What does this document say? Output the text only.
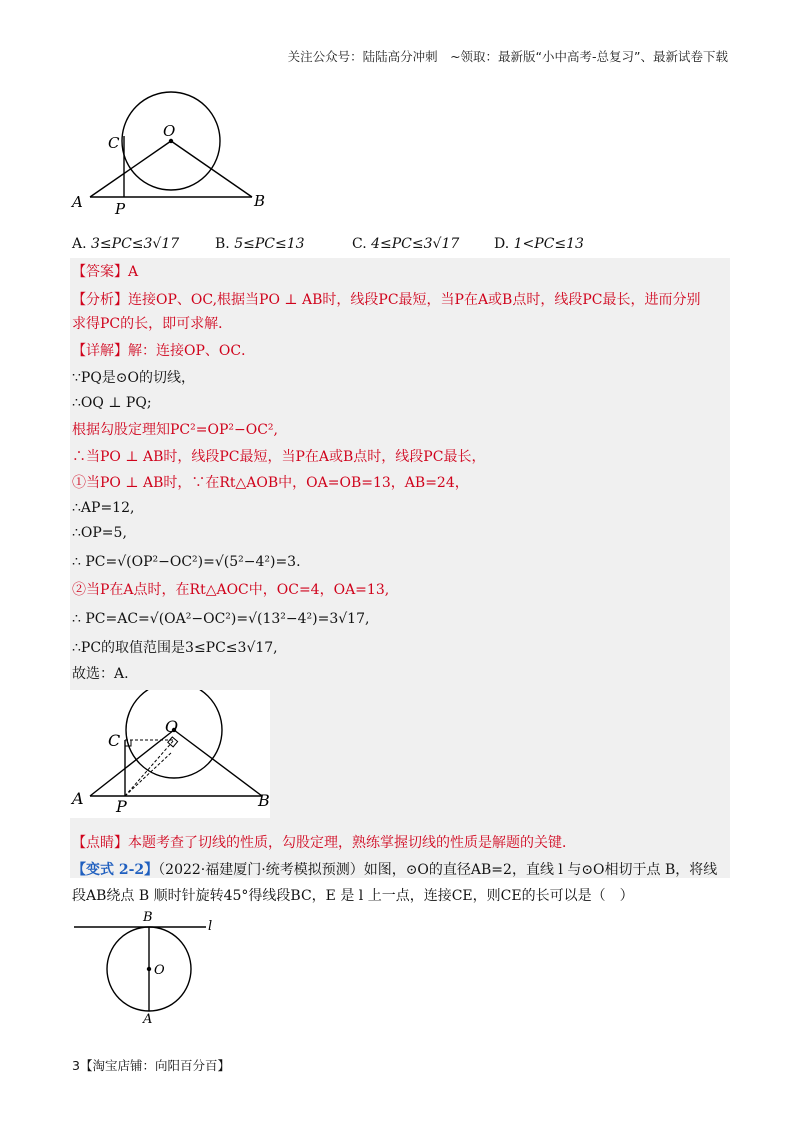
关注公众号：陆陆高分冲刺　~领取：最新版“小中高考-总复习”、最新试卷下载
O
C
A P	B
A. 3≤PC≤3√17	B. 5≤PC≤13	C. 4≤PC≤3√17 D. 1<PC≤13
【答案】A
【分析】连接OP、OC,根据当PO ⊥ AB时，线段PC最短，当P在A或B点时，线段PC最长，进而分别
求得PC的长，即可求解．
【详解】解：连接OP、OC．
∵PQ是⊙O的切线，
∴OQ ⊥ PQ;
根据勾股定理知PC²=OP²−OC²,
∴当PO ⊥ AB时，线段PC最短，当P在A或B点时，线段PC最长，
①当PO ⊥ AB时，∵在Rt△AOB中，OA=OB=13，AB=24，
∴AP=12,
∴OP=5,
∴ PC=√(OP²−OC²)=√(5²−4²)=3.
②当P在A点时，在Rt△AOC中，OC=4，OA=13,
∴ PC=AC=√(OA²−OC²)=√(13²−4²)=3√17,
∴PC的取值范围是3≤PC≤3√17,
故选：A.
O
C
A P	B
【点睛】本题考查了切线的性质，勾股定理，熟练掌握切线的性质是解题的关键．
【变式 2-2】（2022·福建厦门·统考模拟预测）如图，⊙O的直径AB=2，直线 l 与⊙O相切于点 B，将线
段AB绕点 B 顺时针旋转45°得线段BC，E 是 l 上一点，连接CE，则CE的长可以是（　）
B
l
O
A
3【淘宝店铺：向阳百分百】
